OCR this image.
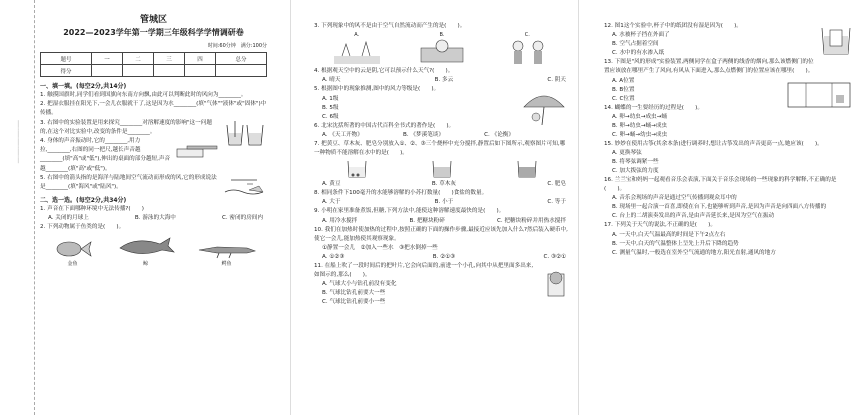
┈┈┈┈┈┈┈┈┈┈┈┈
管城区
2022—2023学年第一学期三年级科学学情调研卷
时间:60分钟　满分:100分
题号	一	二	三	四	总分
得分					
一、填一填。(每空2分,共14分)

1. 触摸国旗时,同学们看到国旗向东南方向飘,由此可以判断此时的风向为________。

2. 把湿衣服挂在阳光下,一会儿衣服就干了,这是因为水________(填"气体""液体"或"固体")中传播。

3. 右图中的实验装置是用来探究________对溶解速度的影响"这一问题的,在这个对比实验中,改变的条件是________。

4. 身体的声音振动时,它的________,用力拉,________,右图的同一把尺,越长声音越________(填"高"或"低"),伸出的桌面的部分越短,声音越________(填"高"或"低")。

5. 右图中的箭头指的是海洋与陆地间空气流动而形成的风,它的形成说法是________(填"海风"或"陆风")。

二、选一选。(每空2分,共34分)

1. 声音在下面哪种环境中无法传播?(　　)

A. 关闭的月球上	B. 游泳的大海中	C. 密闭的房间内

2. 下列动物属于鱼类的是(　　)。

金鱼	鲸	鳄鱼

3. 下列现象中的风不是由于空气自然流动而产生的是(　　)。

A.	B.	C.

4. 根据观天空中的云是阴,它可以预示什么天气?(　　)。

A. 晴天	B. 多云	C. 阴天

5. 根据图中的现象推测,图中的风力等级是(　　)。

A. 1级

B. 5级

C. 6级

6. 北宋沈括所著的中国古代百科全书式的著作是(　　)。

A. 《天工开物》	B. 《梦溪笔谈》	C. 《论衡》

7. 把黄豆、草木灰、肥皂分别放入①、②、③三个烧杯中充分搅拌,静置后如下图所示,观察图片可知,哪一种物质不能溶解在水中的是(　　)。

A. 黄豆	B. 草木灰	C. 肥皂

8. 相同条件下100毫升的水能够溶解的小苏打数量(　　)食盐的数量。

A. 大于	B. 小于	C. 等于

9. 小明在家里准备煮饭,但糖,下列方法中,能使这种溶解速度最快的是(　　)。

A. 用冷水搅拌	B. 把糖块粉碎	C. 把糖块粉碎并用热水搅拌

10. 我们在加热时使加热的过程中,按照正确的下面的操作步骤,最接近应该先加入什么?然后装入硬币中,使它一会儿,能加热使其观察现象。

①静置一会儿　②加入一些水　③把水倒掉一些

A. ①②③	B. ②①③	C. ③②①

11. 在船上吹了一段时间后的把叶片,它会向后面的,前进一个小孔,向其中从把里面多出来,如图示的,那么(　　)。

A. 气球大小与钻孔前没有变化

B. 气球比钻孔前要大一些

C. 气球比钻孔前要小一些

12. 图1这个实验中,杯子中的纸团没有湿是因为(　　)。

A. 水被杯子挡在外面了

B. 空气占据着空间

C. 水中的有水渗入纸

13. 下图是"风的形成"实验装置,两侧同学在盒子两侧的线香的烟向,那么该燃侧门的位置应该放在哪里产生了风向,有风从下面进入,那么点燃侧门的位置应该在哪里(　　)。

A. A位置

B. B位置

C. C位置

14. 蝴蝶的一生要经历的过程是(　　)。

A. 卵→幼虫→成虫→蛹

B. 卵→幼虫→蛹→成虫

C. 卵→蛹→幼虫→成虫

15. 妙妙在使用古筝(其余本条)进行调养时,想让古筝发出的声音更高一点,她应该(　　)。

A. 更换琴弦

B. 将琴弦调紧一些

C. 加大拨弦的力度

16. 兰兰宝和妈妈一起观看音乐会表演,下面关于音乐会现场的一些现象的科学解释,不正确的是(　　)。

A. 音乐会现场的声音是通过空气传播到观众耳中的

B. 现场里一起合演一首喜,即使在台下,也能够听到声音,是因为声音是向四面八方传播的

C. 台上的二胡演奏发出的声音,是由声音延长来,是因为空气在振动

17. 下列关于天气的说法,不正确的是(　　)。

A. 一天中,白天气温最高的时间是下午2点左右

B. 一天中,白天的气温整体上呈先上升后下降的趋势

C. 测量气温时,一般选在室外空气流通的地方,阳光直射,通风的地方
